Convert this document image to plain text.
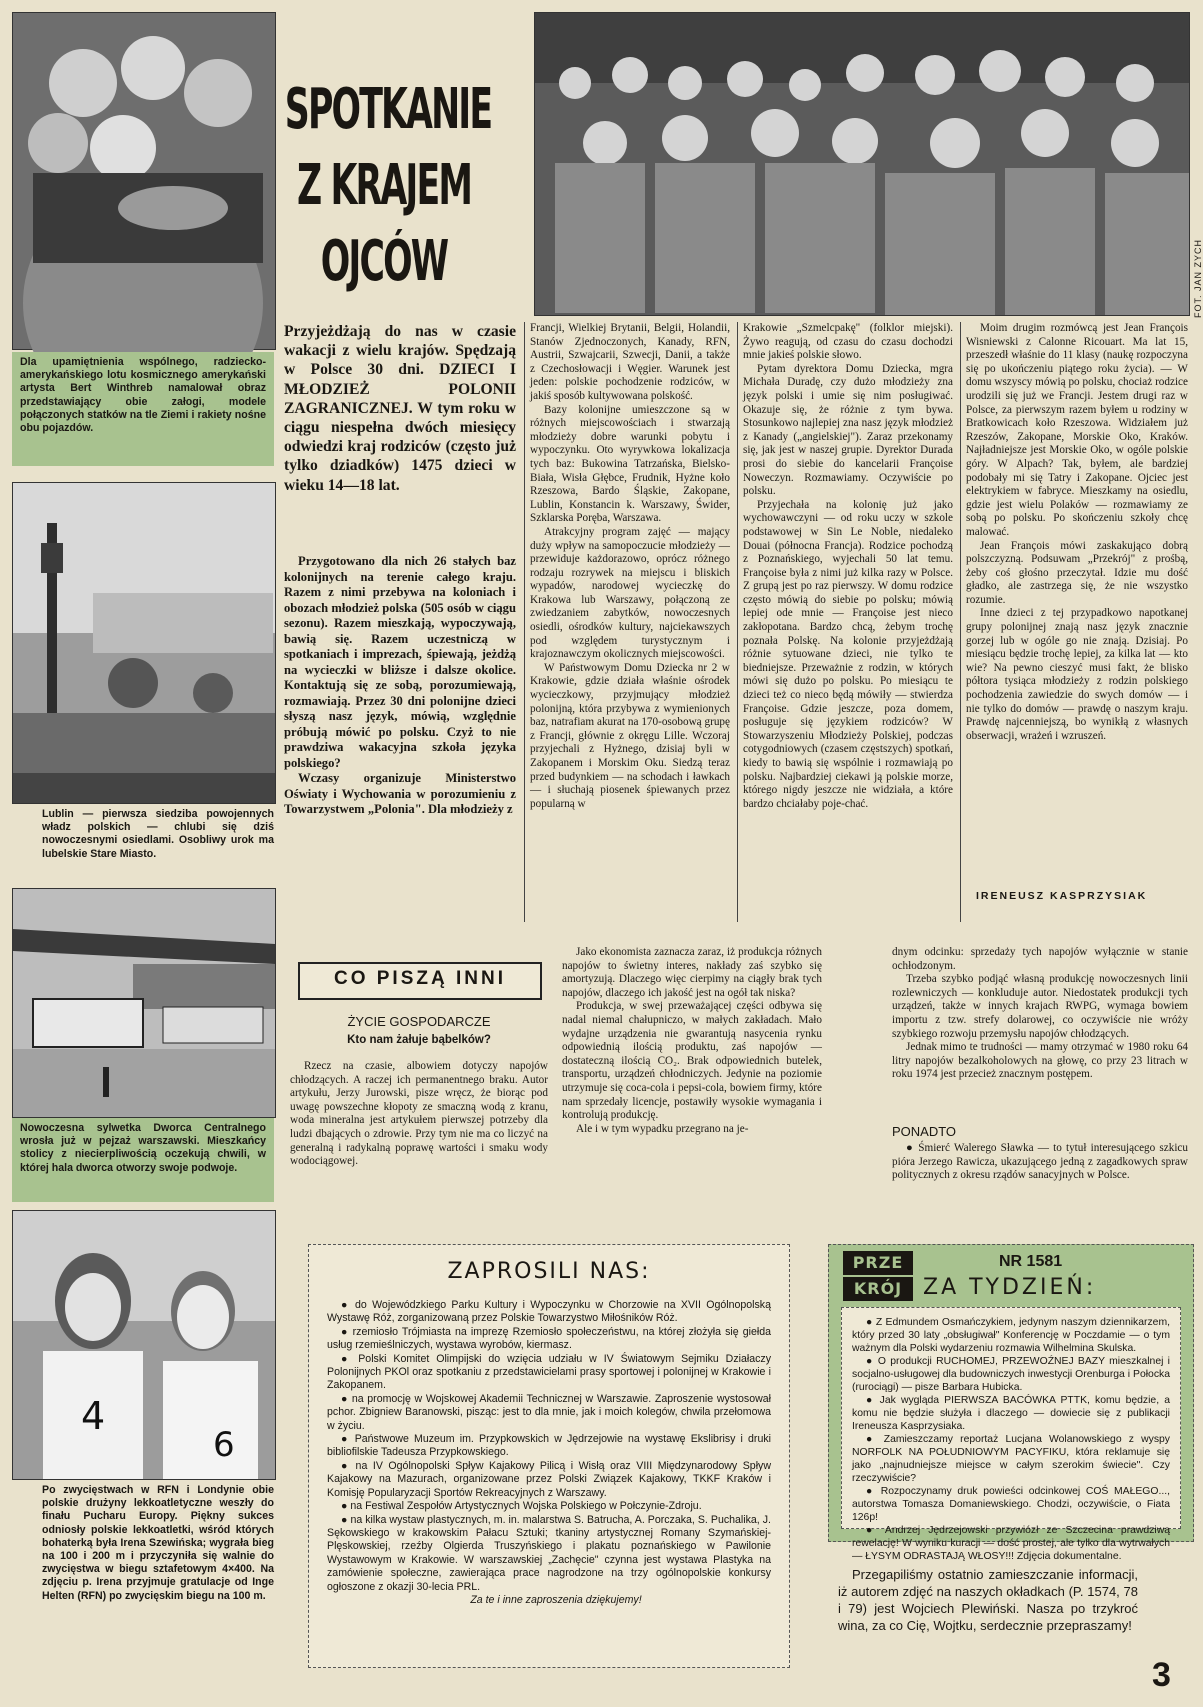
Dla upamiętnienia wspólnego, radziecko-amerykańskiego lotu kosmicznego amerykański artysta Bert Winthreb namalował obraz przedstawiający obie załogi, modele połączonych statków na tle Ziemi i rakiety nośne obu pojazdów.
Lublin — pierwsza siedziba powojennych władz polskich — chlubi się dziś nowoczesnymi osiedlami. Osobliwy urok ma lubelskie Stare Miasto.
Nowoczesna sylwetka Dworca Centralnego wrosła już w pejzaż warszawski. Mieszkańcy stolicy z niecierpliwością oczekują chwili, w której hala dworca otworzy swoje podwoje.
4
6
Po zwycięstwach w RFN i Londynie obie polskie drużyny lekkoatletyczne weszły do finału Pucharu Europy. Piękny sukces odniosły polskie lekkoatletki, wśród których bohaterką była Irena Szewińska; wygrała bieg na 100 i 200 m i przyczyniła się walnie do zwycięstwa w biegu sztafetowym 4×400. Na zdjęciu p. Irena przyjmuje gratulacje od Inge Helten (RFN) po zwycięskim biegu na 100 m.
SPOTKANIE
Z KRAJEM
OJCÓW	FOT. JAN ZYCH
Przyjeżdżają do nas w czasie wakacji z wielu krajów. Spędzają w Polsce 30 dni. DZIECI I MŁODZIEŻ POLONII ZAGRANICZNEJ. W tym roku w ciągu niespełna dwóch miesięcy odwiedzi kraj rodziców (często już tylko dziadków) 1475 dzieci w wieku 14—18 lat.

Przygotowano dla nich 26 stałych baz kolonijnych na terenie całego kraju. Razem z nimi przebywa na koloniach i obozach młodzież polska (505 osób w ciągu sezonu). Razem mieszkają, wypoczywają, bawią się. Razem uczestniczą w spotkaniach i imprezach, śpiewają, jeżdżą na wycieczki w bliższe i dalsze okolice. Kontaktują się ze sobą, porozumiewają, rozmawiają. Przez 30 dni polonijne dzieci słyszą nasz język, mówią, względnie próbują mówić po polsku. Czyż to nie prawdziwa wakacyjna szkoła języka polskiego?

Wczasy organizuje Ministerstwo Oświaty i Wychowania w porozumieniu z Towarzystwem „Polonia". Dla młodzieży z

Francji, Wielkiej Brytanii, Belgii, Holandii, Stanów Zjednoczonych, Kanady, RFN, Austrii, Szwajcarii, Szwecji, Danii, a także z Czechosłowacji i Węgier. Warunek jest jeden: polskie pochodzenie rodziców, w jakiś sposób kultywowana polskość.

Bazy kolonijne umieszczone są w różnych miejscowościach i stwarzają młodzieży dobre warunki pobytu i wypoczynku. Oto wyrywkowa lokalizacja tych baz: Bukowina Tatrzańska, Bielsko-Biała, Wisła Głębce, Frudnik, Hyżne koło Rzeszowa, Bardo Śląskie, Zakopane, Lublin, Konstancin k. Warszawy, Świder, Szklarska Poręba, Warszawa.

Atrakcyjny program zajęć — mający duży wpływ na samopoczucie młodzieży — przewiduje każdorazowo, oprócz różnego rodzaju rozrywek na miejscu i bliskich wypadów, narodowej wycieczkę do Krakowa lub Warszawy, połączoną ze zwiedzaniem zabytków, nowoczesnych osiedli, ośrodków kultury, najciekawszych pod względem turystycznym i krajoznawczym okolicznych miejscowości.

W Państwowym Domu Dziecka nr 2 w Krakowie, gdzie działa właśnie ośrodek wycieczkowy, przyjmujący młodzież polonijną, która przybywa z wymienionych baz, natrafiam akurat na 170-osobową grupę z Francji, głównie z okręgu Lille. Wczoraj przyjechali z Hyżnego, dzisiaj byli w Zakopanem i Morskim Oku. Siedzą teraz przed budynkiem — na schodach i ławkach — i słuchają piosenek śpiewanych przez popularną w

Krakowie „Szmelcpakę" (folklor miejski). Żywo reagują, od czasu do czasu dochodzi mnie jakieś polskie słowo.

Pytam dyrektora Domu Dziecka, mgra Michała Duradę, czy dużo młodzieży zna język polski i umie się nim posługiwać. Okazuje się, że różnie z tym bywa. Stosunkowo najlepiej zna nasz język młodzież z Kanady („angielskiej"). Zaraz przekonamy się, jak jest w naszej grupie. Dyrektor Durada prosi do siebie do kancelarii Françoise Noweczyn. Rozmawiamy. Oczywiście po polsku.

Przyjechała na kolonię już jako wychowawczyni — od roku uczy w szkole podstawowej w Sin Le Noble, niedaleko Douai (północna Francja). Rodzice pochodzą z Poznańskiego, wyjechali 50 lat temu. Françoise była z nimi już kilka razy w Polsce. Z grupą jest po raz pierwszy. W domu rodzice często mówią do siebie po polsku; mówią lepiej ode mnie — Françoise jest nieco zakłopotana. Bardzo chcą, żebym trochę poznała Polskę. Na kolonie przyjeżdżają różnie sytuowane dzieci, nie tylko te biedniejsze. Przeważnie z rodzin, w których mówi się dużo po polsku. Po miesiącu te dzieci też co nieco będą mówiły — stwierdza Françoise. Gdzie jeszcze, poza domem, posługuje się językiem rodziców? W Stowarzyszeniu Młodzieży Polskiej, podczas cotygodniowych (czasem częstszych) spotkań, kiedy to bawią się wspólnie i rozmawiają po polsku. Najbardziej ciekawi ją polskie morze, którego nigdy jeszcze nie widziała, a które bardzo chciałaby poje-chać.

Moim drugim rozmówcą jest Jean François Wisniewski z Calonne Ricouart. Ma lat 15, przeszedł właśnie do 11 klasy (naukę rozpoczyna się po ukończeniu piątego roku życia). — W domu wszyscy mówią po polsku, chociaż rodzice urodzili się już we Francji. Jestem drugi raz w Polsce, za pierwszym razem byłem u rodziny w Bratkowicach koło Rzeszowa. Widziałem już Rzeszów, Zakopane, Morskie Oko, Kraków. Najładniejsze jest Morskie Oko, w ogóle polskie góry. W Alpach? Tak, byłem, ale bardziej podobały mi się Tatry i Zakopane. Ojciec jest elektrykiem w fabryce. Mieszkamy na osiedlu, gdzie jest wielu Polaków — rozmawiamy ze sobą po polsku. Po skończeniu szkoły chcę malować.

Jean François mówi zaskakująco dobrą polszczyzną. Podsuwam „Przekrój" z prośbą, żeby coś głośno przeczytał. Idzie mu dość gładko, ale zastrzega się, że nie wszystko rozumie.

Inne dzieci z tej przypadkowo napotkanej grupy polonijnej znają nasz język znacznie gorzej lub w ogóle go nie znają. Dzisiaj. Po miesiącu będzie trochę lepiej, za kilka lat — kto wie? Na pewno cieszyć musi fakt, że blisko półtora tysiąca młodzieży z rodzin polskiego pochodzenia zawiedzie do swych domów — i nie tylko do domów — prawdę o naszym kraju. Prawdę najcenniejszą, bo wynikłą z własnych obserwacji, wrażeń i wzruszeń.

IRENEUSZ KASPRZYSIAK
CO PISZĄ INNI
ŻYCIE GOSPODARCZE
Kto nam żałuje bąbelków?

Rzecz na czasie, albowiem dotyczy napojów chłodzących. A raczej ich permanentnego braku. Autor artykułu, Jerzy Jurowski, pisze wręcz, że biorąc pod uwagę powszechne kłopoty ze smaczną wodą z kranu, woda mineralna jest artykułem pierwszej potrzeby dla ludzi dbających o zdrowie. Przy tym nie ma co liczyć na generalną i radykalną poprawę wartości i smaku wody wodociągowej.

Jako ekonomista zaznacza zaraz, iż produkcja różnych napojów to świetny interes, nakłady zaś szybko się amortyzują. Dlaczego więc cierpimy na ciągły brak tych napojów, dlaczego ich jakość jest na ogół tak niska?

Produkcja, w swej przeważającej części odbywa się nadal niemal chałupniczo, w małych zakładach. Mało wydajne urządzenia nie gwarantują nasycenia rynku odpowiednią ilością produktu, zaś napojów — dostateczną ilością CO₂. Brak odpowiednich butelek, transportu, urządzeń chłodniczych. Jedynie na poziomie utrzymuje się coca-cola i pepsi-cola, bowiem firmy, które nam sprzedały licencje, postawiły wysokie wymagania i kontrolują produkcję.

Ale i w tym wypadku przegrano na je-

dnym odcinku: sprzedaży tych napojów wyłącznie w stanie ochłodzonym.

Trzeba szybko podjąć własną produkcję nowoczesnych linii rozlewniczych — konkluduje autor. Niedostatek produkcji tych urządzeń, także w innych krajach RWPG, wymaga bowiem importu z tzw. strefy dolarowej, co oczywiście nie wróży szybkiego rozwoju przemysłu napojów chłodzących.

Jednak mimo te trudności — mamy otrzymać w 1980 roku 64 litry napojów bezalkoholowych na głowę, co przy 23 litrach w roku 1974 jest przecież znacznym postępem.

PONADTO

● Śmierć Walerego Sławka — to tytuł interesującego szkicu pióra Jerzego Rawicza, ukazującego jedną z zagadkowych spraw politycznych z okresu rządów sanacyjnych w Polsce.

ZAPROSILI NAS:

● do Wojewódzkiego Parku Kultury i Wypoczynku w Chorzowie na XVII Ogólnopolską Wystawę Róż, zorganizowaną przez Polskie Towarzystwo Miłośników Róż.

● rzemiosło Trójmiasta na imprezę Rzemiosło społeczeństwu, na której złożyła się giełda usług rzemieślniczych, wystawa wyrobów, kiermasz.

● Polski Komitet Olimpijski do wzięcia udziału w IV Światowym Sejmiku Działaczy Polonijnych PKOl oraz spotkaniu z przedstawicielami prasy sportowej i polonijnej w Krakowie i Zakopanem.

● na promocję w Wojskowej Akademii Technicznej w Warszawie. Zaproszenie wystosował pchor. Zbigniew Baranowski, pisząc: jest to dla mnie, jak i moich kolegów, chwila przełomowa w życiu.

● Państwowe Muzeum im. Przypkowskich w Jędrzejowie na wystawę Ekslibrisy i druki bibliofilskie Tadeusza Przypkowskiego.

● na IV Ogólnopolski Spływ Kajakowy Pilicą i Wisłą oraz VIII Międzynarodowy Spływ Kajakowy na Mazurach, organizowane przez Polski Związek Kajakowy, TKKF Kraków i Komisję Popularyzacji Sportów Rekreacyjnych z Warszawy.

● na Festiwal Zespołów Artystycznych Wojska Polskiego w Połczynie-Zdroju.

● na kilka wystaw plastycznych, m. in. malarstwa S. Batrucha, A. Porczaka, S. Puchalika, J. Sękowskiego w krakowskim Pałacu Sztuki; tkaniny artystycznej Romany Szymańskiej-Plęskowskiej, rzeźby Olgierda Truszyńskiego i plakatu poznańskiego w Pawilonie Wystawowym w Krakowie. W warszawskiej „Zachęcie" czynna jest wystawa Plastyka na zamówienie społeczne, zawierająca prace nagrodzone na trzy ogólnopolskie konkursy ogłoszone z okazji 30-lecia PRL.

Za te i inne zaproszenia dziękujemy!

PRZE
KRÓJ
NR 1581
ZA TYDZIEŃ:

● Z Edmundem Osmańczykiem, jedynym naszym dziennikarzem, który przed 30 laty „obsługiwał" Konferencję w Poczdamie — o tym ważnym dla Polski wydarzeniu rozmawia Wilhelmina Skulska.

● O produkcji RUCHOMEJ, PRZEWOŹNEJ BAZY mieszkalnej i socjalno-usługowej dla budowniczych inwestycji Orenburga i Połocka (rurociągi) — pisze Barbara Hubicka.

● Jak wygląda PIERWSZA BACÓWKA PTTK, komu będzie, a komu nie będzie służyła i dlaczego — dowiecie się z publikacji Ireneusza Kasprzysiaka.

● Zamieszczamy reportaż Lucjana Wolanowskiego z wyspy NORFOLK NA POŁUDNIOWYM PACYFIKU, która reklamuje się jako „najnudniejsze miejsce w całym szerokim świecie". Czy rzeczywiście?

● Rozpoczynamy druk powieści odcinkowej COŚ MAŁEGO..., autorstwa Tomasza Domaniewskiego. Chodzi, oczywiście, o Fiata 126p!

● Andrzej Jędrzejowski przywiózł ze Szczecina prawdziwą rewelację! W wyniku kuracji — dość prostej, ale tylko dla wytrwałych — ŁYSYM ODRASTAJĄ WŁOSY!!! Zdjęcia dokumentalne.

Przegapiliśmy ostatnio zamieszczanie informacji, iż autorem zdjęć na naszych okładkach (P. 1574, 78 i 79) jest Wojciech Plewiński. Nasza po trzykroć wina, za co Cię, Wojtku, serdecznie przepraszamy!

3
